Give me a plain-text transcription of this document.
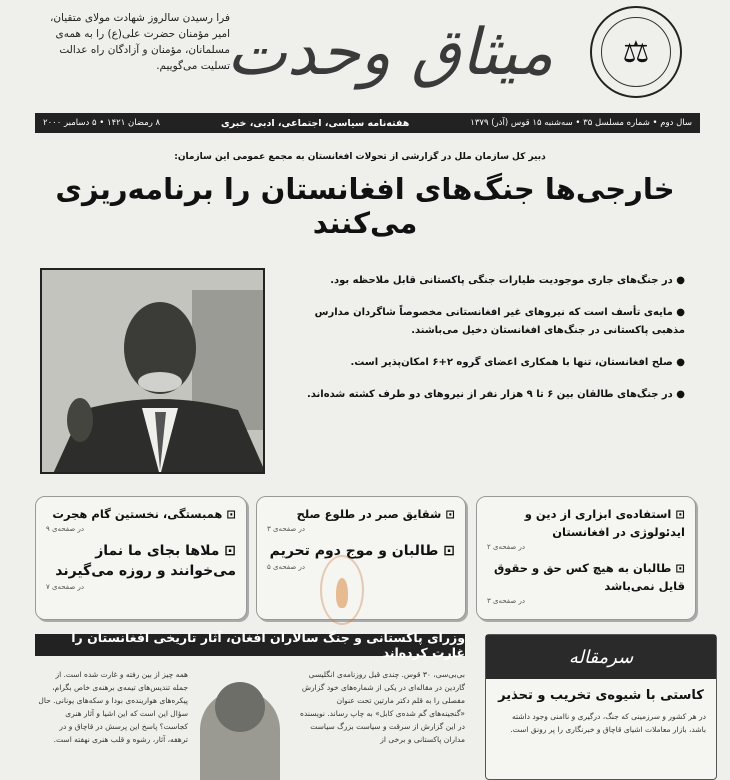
⚖
میثاق وحدت
فرا رسیدن سالروز شهادت مولای متقیان، امیر مؤمنان حضرت علی(ع) را به همه‌ی مسلمانان، مؤمنان و آزادگان راه عدالت تسلیت می‌گوییم.
سال دوم • شماره مسلسل ۳۵ • سه‌شنبه ۱۵ قوس (آذر) ۱۳۷۹
هفته‌نامه سیاسی، اجتماعی، ادبی، خبری
۸ رمضان ۱۴۲۱ • ۵ دسامبر ۲۰۰۰
دبیر کل سازمان ملل در گزارشی از تحولات افغانستان به مجمع عمومی این سازمان:
خارجی‌ها جنگ‌های افغانستان را برنامه‌ریزی می‌کنند

● در جنگ‌های جاری موجودیت طیارات جنگی پاکستانی قابل ملاحظه بود.

● مایه‌ی تأسف است که نیروهای غیر افغانستانی مخصوصاً شاگردان مدارس مذهبی پاکستانی در جنگ‌های افغانستان دخیل می‌باشند.

● صلح افغانستان، تنها با همکاری اعضای گروه ۲+۶ امکان‌پذیر است.

● در جنگ‌های طالقان بین ۶ تا ۹ هزار نفر از نیروهای دو طرف کشته شده‌اند.

⊡ استفاده‌ی ابزاری از دین و ایدئولوژی در افغانستان
در صفحه‌ی ۲
⊡ طالبان به هیچ کس حق و حقوق قایل نمی‌باشد
در صفحه‌ی ۳
⊡ شقایق صبر در طلوع صلح
در صفحه‌ی ۳
⊡ طالبان و موج دوم تحریم
در صفحه‌ی ۵
⊡ همبستگی، نخستین گام هجرت
در صفحه‌ی ۹
⊡ ملاها بجای ما نماز می‌خوانند و روزه می‌گیرند
در صفحه‌ی ۷
وزرای پاکستانی و جنگ سالاران افغان، آثار تاریخی افغانستان را غارت کرده‌اند
بی‌بی‌سی، ۳۰ قوس. چندی قبل روزنامه‌ی انگلیسی گاردین در مقاله‌ای در یکی از شماره‌های خود گزارش مفصلی را به قلم دکتر مارتین تحت عنوان «گنجینه‌های گم شده‌ی کابل» به چاپ رساند. نویسنده در این گزارش از سرقت و سیاست بزرگ سیاست مداران پاکستانی و برخی از
همه چیز از بین رفته و غارت شده است. از جمله تندیس‌های تیمه‌ی برهنه‌ی خاص بگرام، پیکره‌های هوارینده‌ی بودا و سکه‌های یونانی. حال سؤال این است که این اشیا و آثار هنری کجاست؟ پاسخ این پرسش در قاچاق و در ترهفه، آثار، رشوه و قلب هنری نهفته است.
سرمقاله
کاستی با شیوه‌ی تخریب و تحذیر
در هر کشور و سرزمینی که جنگ، درگیری و ناامنی وجود داشته باشد، بازار معاملات اشیای قاچاق و خبرنگاری را پر رونق است.
